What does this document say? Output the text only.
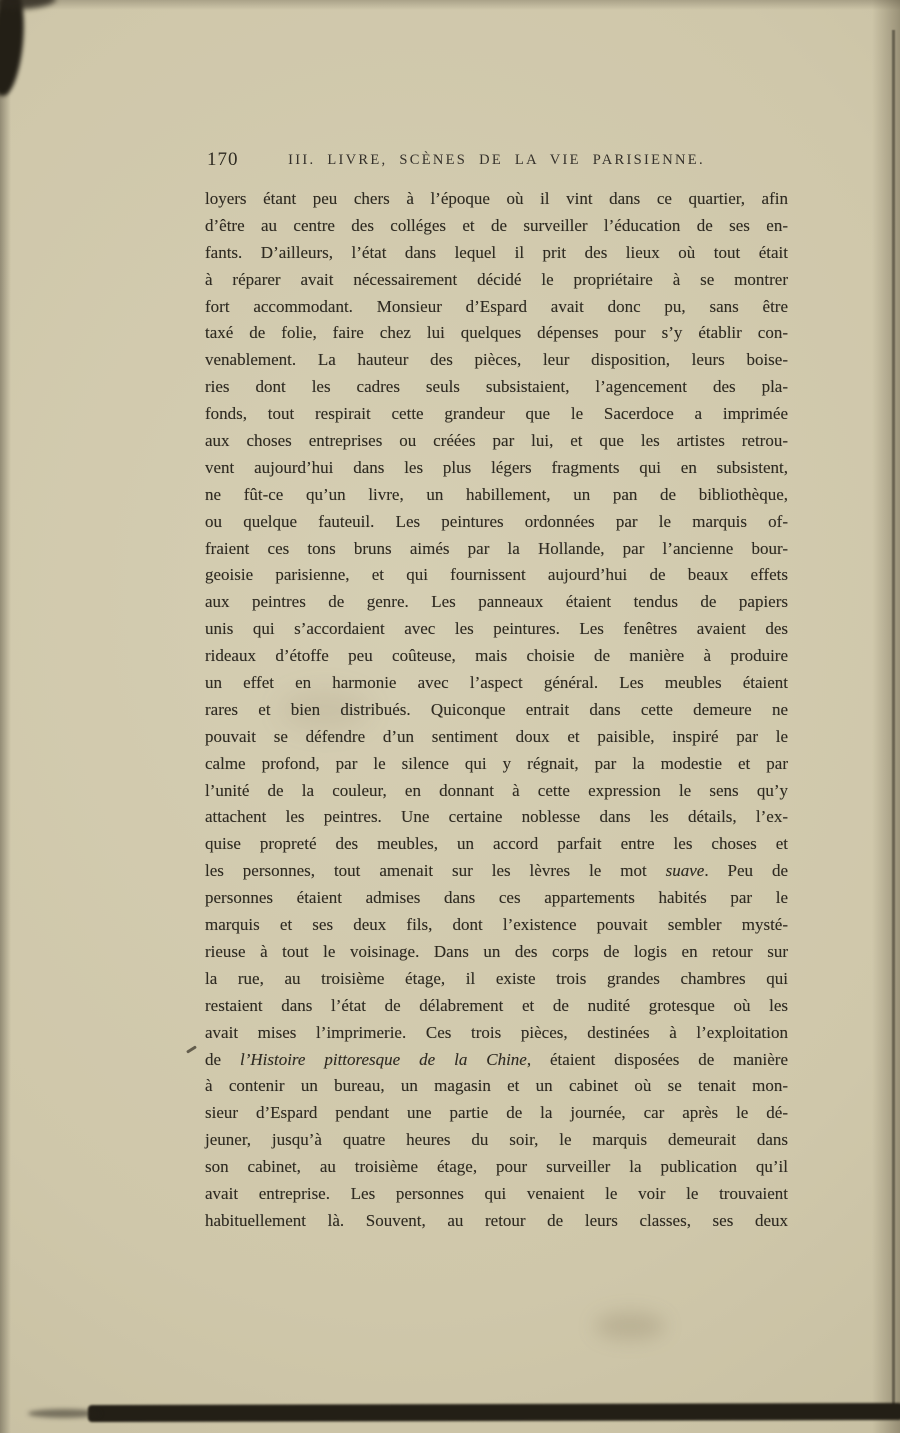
170	III. LIVRE, SCÈNES DE LA VIE PARISIENNE.
loyers étant peu chers à l’époque où il vint dans ce quartier, afin
d’être au centre des colléges et de surveiller l’éducation de ses en-
fants. D’ailleurs, l’état dans lequel il prit des lieux où tout était
à réparer avait nécessairement décidé le propriétaire à se montrer
fort accommodant. Monsieur d’Espard avait donc pu, sans être
taxé de folie, faire chez lui quelques dépenses pour s’y établir con-
venablement. La hauteur des pièces, leur disposition, leurs boise-
ries dont les cadres seuls subsistaient, l’agencement des pla-
fonds, tout respirait cette grandeur que le Sacerdoce a imprimée
aux choses entreprises ou créées par lui, et que les artistes retrou-
vent aujourd’hui dans les plus légers fragments qui en subsistent,
ne fût-ce qu’un livre, un habillement, un pan de bibliothèque,
ou quelque fauteuil. Les peintures ordonnées par le marquis of-
fraient ces tons bruns aimés par la Hollande, par l’ancienne bour-
geoisie parisienne, et qui fournissent aujourd’hui de beaux effets
aux peintres de genre. Les panneaux étaient tendus de papiers
unis qui s’accordaient avec les peintures. Les fenêtres avaient des
rideaux d’étoffe peu coûteuse, mais choisie de manière à produire
un effet en harmonie avec l’aspect général. Les meubles étaient
rares et bien distribués. Quiconque entrait dans cette demeure ne
pouvait se défendre d’un sentiment doux et paisible, inspiré par le
calme profond, par le silence qui y régnait, par la modestie et par
l’unité de la couleur, en donnant à cette expression le sens qu’y
attachent les peintres. Une certaine noblesse dans les détails, l’ex-
quise propreté des meubles, un accord parfait entre les choses et
les personnes, tout amenait sur les lèvres le mot suave. Peu de
personnes étaient admises dans ces appartements habités par le
marquis et ses deux fils, dont l’existence pouvait sembler mysté-
rieuse à tout le voisinage. Dans un des corps de logis en retour sur
la rue, au troisième étage, il existe trois grandes chambres qui
restaient dans l’état de délabrement et de nudité grotesque où les
avait mises l’imprimerie. Ces trois pièces, destinées à l’exploitation
de l’Histoire pittoresque de la Chine, étaient disposées de manière
à contenir un bureau, un magasin et un cabinet où se tenait mon-
sieur d’Espard pendant une partie de la journée, car après le dé-
jeuner, jusqu’à quatre heures du soir, le marquis demeurait dans
son cabinet, au troisième étage, pour surveiller la publication qu’il
avait entreprise. Les personnes qui venaient le voir le trouvaient
habituellement là. Souvent, au retour de leurs classes, ses deux
